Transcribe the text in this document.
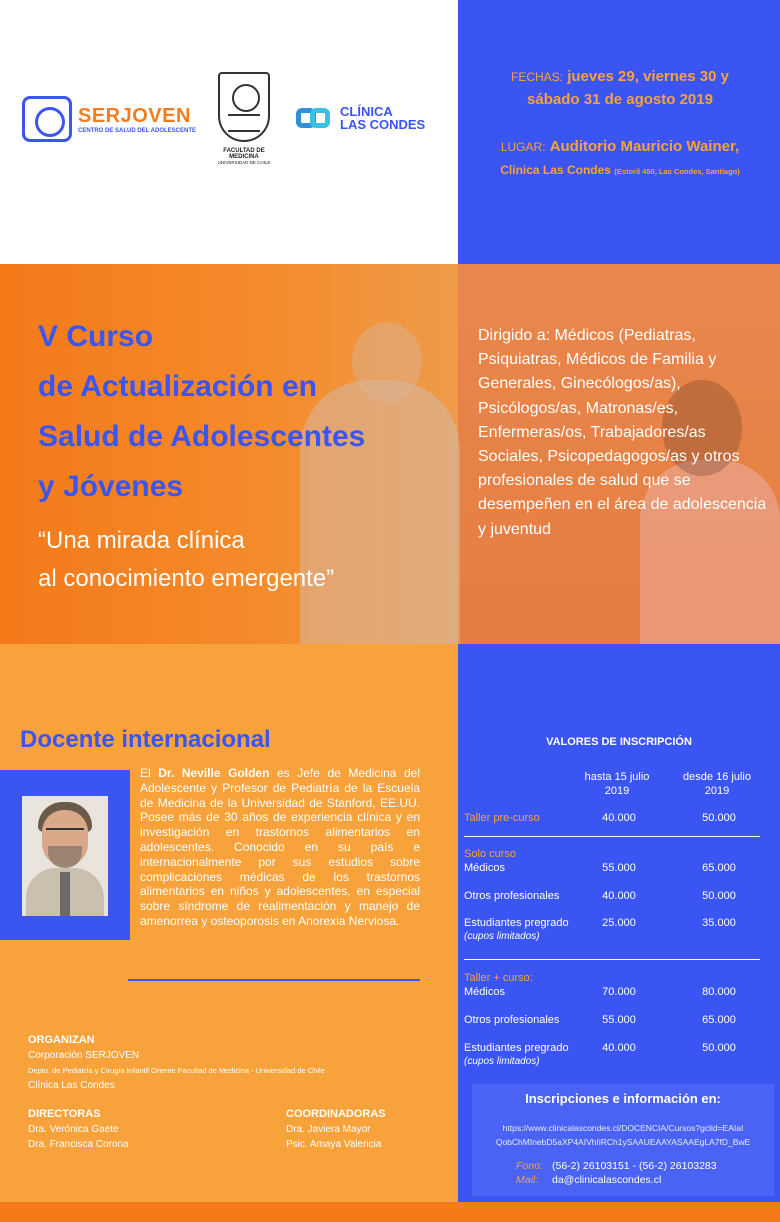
SERJOVEN
CENTRO DE SALUD DEL ADOLESCENTE
FACULTAD DE MEDICINA
UNIVERSIDAD DE CHILE
CLÍNICA
LAS CONDES
FECHAS: jueves 29, viernes 30 y
sábado 31 de agosto 2019
LUGAR: Auditorio Mauricio Wainer,
Clinica Las Condes (Estoril 450, Las Condes, Santiago)
V Curso
de Actualización en
Salud de Adolescentes
y Jóvenes
“Una mirada clínica
al conocimiento emergente”
Dirigido a: Médicos (Pediatras, Psiquiatras, Médicos de Familia y Generales, Ginecólogos/as), Psicólogos/as, Matronas/es, Enfermeras/os, Trabajadores/as Sociales, Psicopedagogos/as y otros profesionales de salud que se desempeñen en el área de adolescencia y juventud
Docente internacional
El Dr. Neville Golden es Jefe de Medicina del Adolescente y Profesor de Pediatría de la Escuela de Medicina de la Universidad de Stanford, EE.UU. Posee más de 30 años de experiencia clínica y en investigación en trastornos alimentarios en adolescentes. Conocido en su país e internacionalmente por sus estudios sobre complicaciones médicas de los trastornos alimentarios en niños y adolescentes, en especial sobre síndrome de realimentación y manejo de amenorrea y osteoporosis en Anorexia Nerviosa.
ORGANIZAN
Corporación SERJOVEN
Depto. de Pediatría y Cirugía Infantil Oriente Facultad de Medicina - Universidad de Chile
Clínica Las Condes
DIRECTORAS
Dra. Verónica Gaete
Dra. Francisca Corona
COORDINADORAS
Dra. Javiera Mayor
Psic. Amaya Valencia
VALORES DE INSCRIPCIÓN
hasta 15 julio
2019
desde 16 julio
2019
Taller pre-curso	40.000	50.000
Solo curso
Médicos	55.000	65.000
Otros profesionales	40.000	50.000
Estudiantes pregrado
(cupos limitados)
25.000	35.000
Taller + curso:
Médicos	70.000	80.000
Otros profesionales	55.000	65.000
Estudiantes pregrado
(cupos limitados)
40.000	50.000
Inscripciones e información en:
https://www.clinicalascondes.cl/DOCENCIA/Cursos?gclid=EAIaI
QobChMInebD5aXP4AIVhIiRCh1ySAAUEAAYASAAEgLA7fD_BwE
Fono: (56-2) 26103151 - (56-2) 26103283
Mail: da@clinicalascondes.cl
